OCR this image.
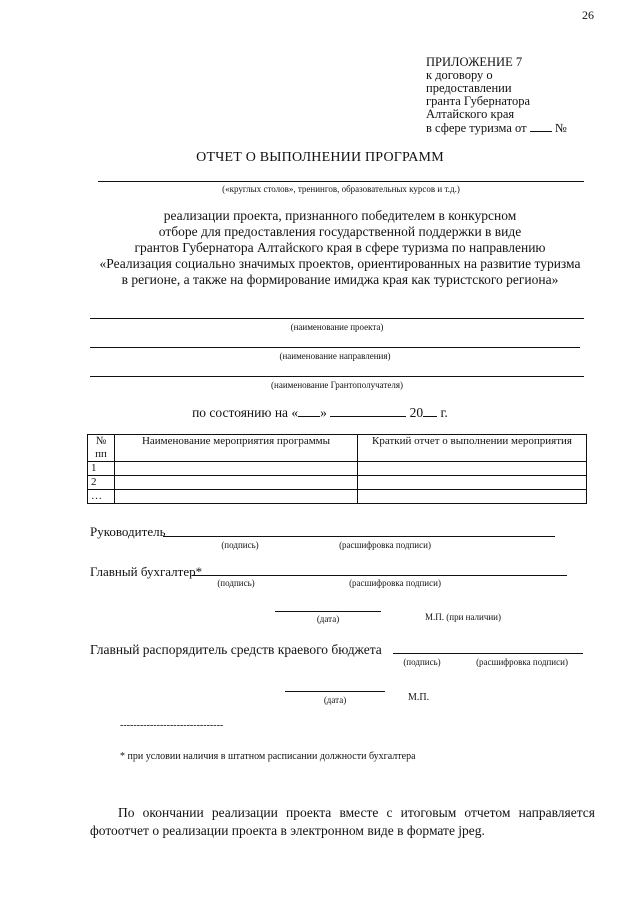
26
ПРИЛОЖЕНИЕ 7
к договору о
предоставлении
гранта Губернатора
Алтайского края
в сфере туризма от №
ОТЧЕТ О ВЫПОЛНЕНИИ ПРОГРАММ
(«круглых столов», тренингов, образовательных курсов и т.д.)
реализации проекта, признанного победителем в конкурсном
отборе для предоставления государственной поддержки в виде
грантов Губернатора Алтайского края в сфере туризма по направлению
«Реализация социально значимых проектов, ориентированных на развитие туризма
в регионе, а также на формирование имиджа края как туристского региона»
(наименование проекта)
(наименование направления)
(наименование Грантополучателя)
по состоянию на « »	20 г.
№ пп	Наименование мероприятия программы	Краткий отчет о выполнении мероприятия
1		
2		
…		
Руководитель
(подпись)	(расшифровка подписи)
Главный бухгалтер*
(подпись)	(расшифровка подписи)
(дата)	М.П. (при наличии)
Главный распорядитель средств краевого бюджета
(подпись)	(расшифровка подписи)
(дата)	М.П.
-------------------------------
* при условии наличия в штатном расписании должности бухгалтера

По окончании реализации проекта вместе с итоговым отчетом направляется фотоотчет о реализации проекта в электронном виде в формате jpeg.
